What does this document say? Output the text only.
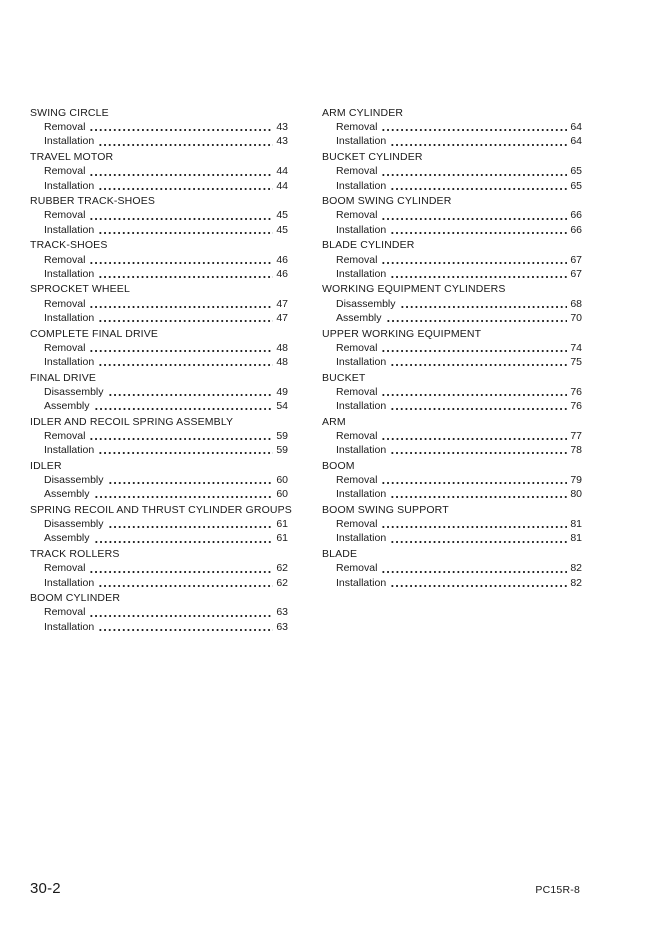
SWING CIRCLE
Removal	43
Installation	43
TRAVEL MOTOR
Removal	44
Installation	44
RUBBER TRACK-SHOES
Removal	45
Installation	45
TRACK-SHOES
Removal	46
Installation	46
SPROCKET WHEEL
Removal	47
Installation	47
COMPLETE FINAL DRIVE
Removal	48
Installation	48
FINAL DRIVE
Disassembly	49
Assembly	54
IDLER AND RECOIL SPRING ASSEMBLY
Removal	59
Installation	59
IDLER
Disassembly	60
Assembly	60
SPRING RECOIL AND THRUST CYLINDER GROUPS
Disassembly	61
Assembly	61
TRACK ROLLERS
Removal	62
Installation	62
BOOM CYLINDER
Removal	63
Installation	63
ARM CYLINDER
Removal	64
Installation	64
BUCKET CYLINDER
Removal	65
Installation	65
BOOM SWING CYLINDER
Removal	66
Installation	66
BLADE CYLINDER
Removal	67
Installation	67
WORKING EQUIPMENT CYLINDERS
Disassembly	68
Assembly	70
UPPER WORKING EQUIPMENT
Removal	74
Installation	75
BUCKET
Removal	76
Installation	76
ARM
Removal	77
Installation	78
BOOM
Removal	79
Installation	80
BOOM SWING SUPPORT
Removal	81
Installation	81
BLADE
Removal	82
Installation	82
30-2	PC15R-8
